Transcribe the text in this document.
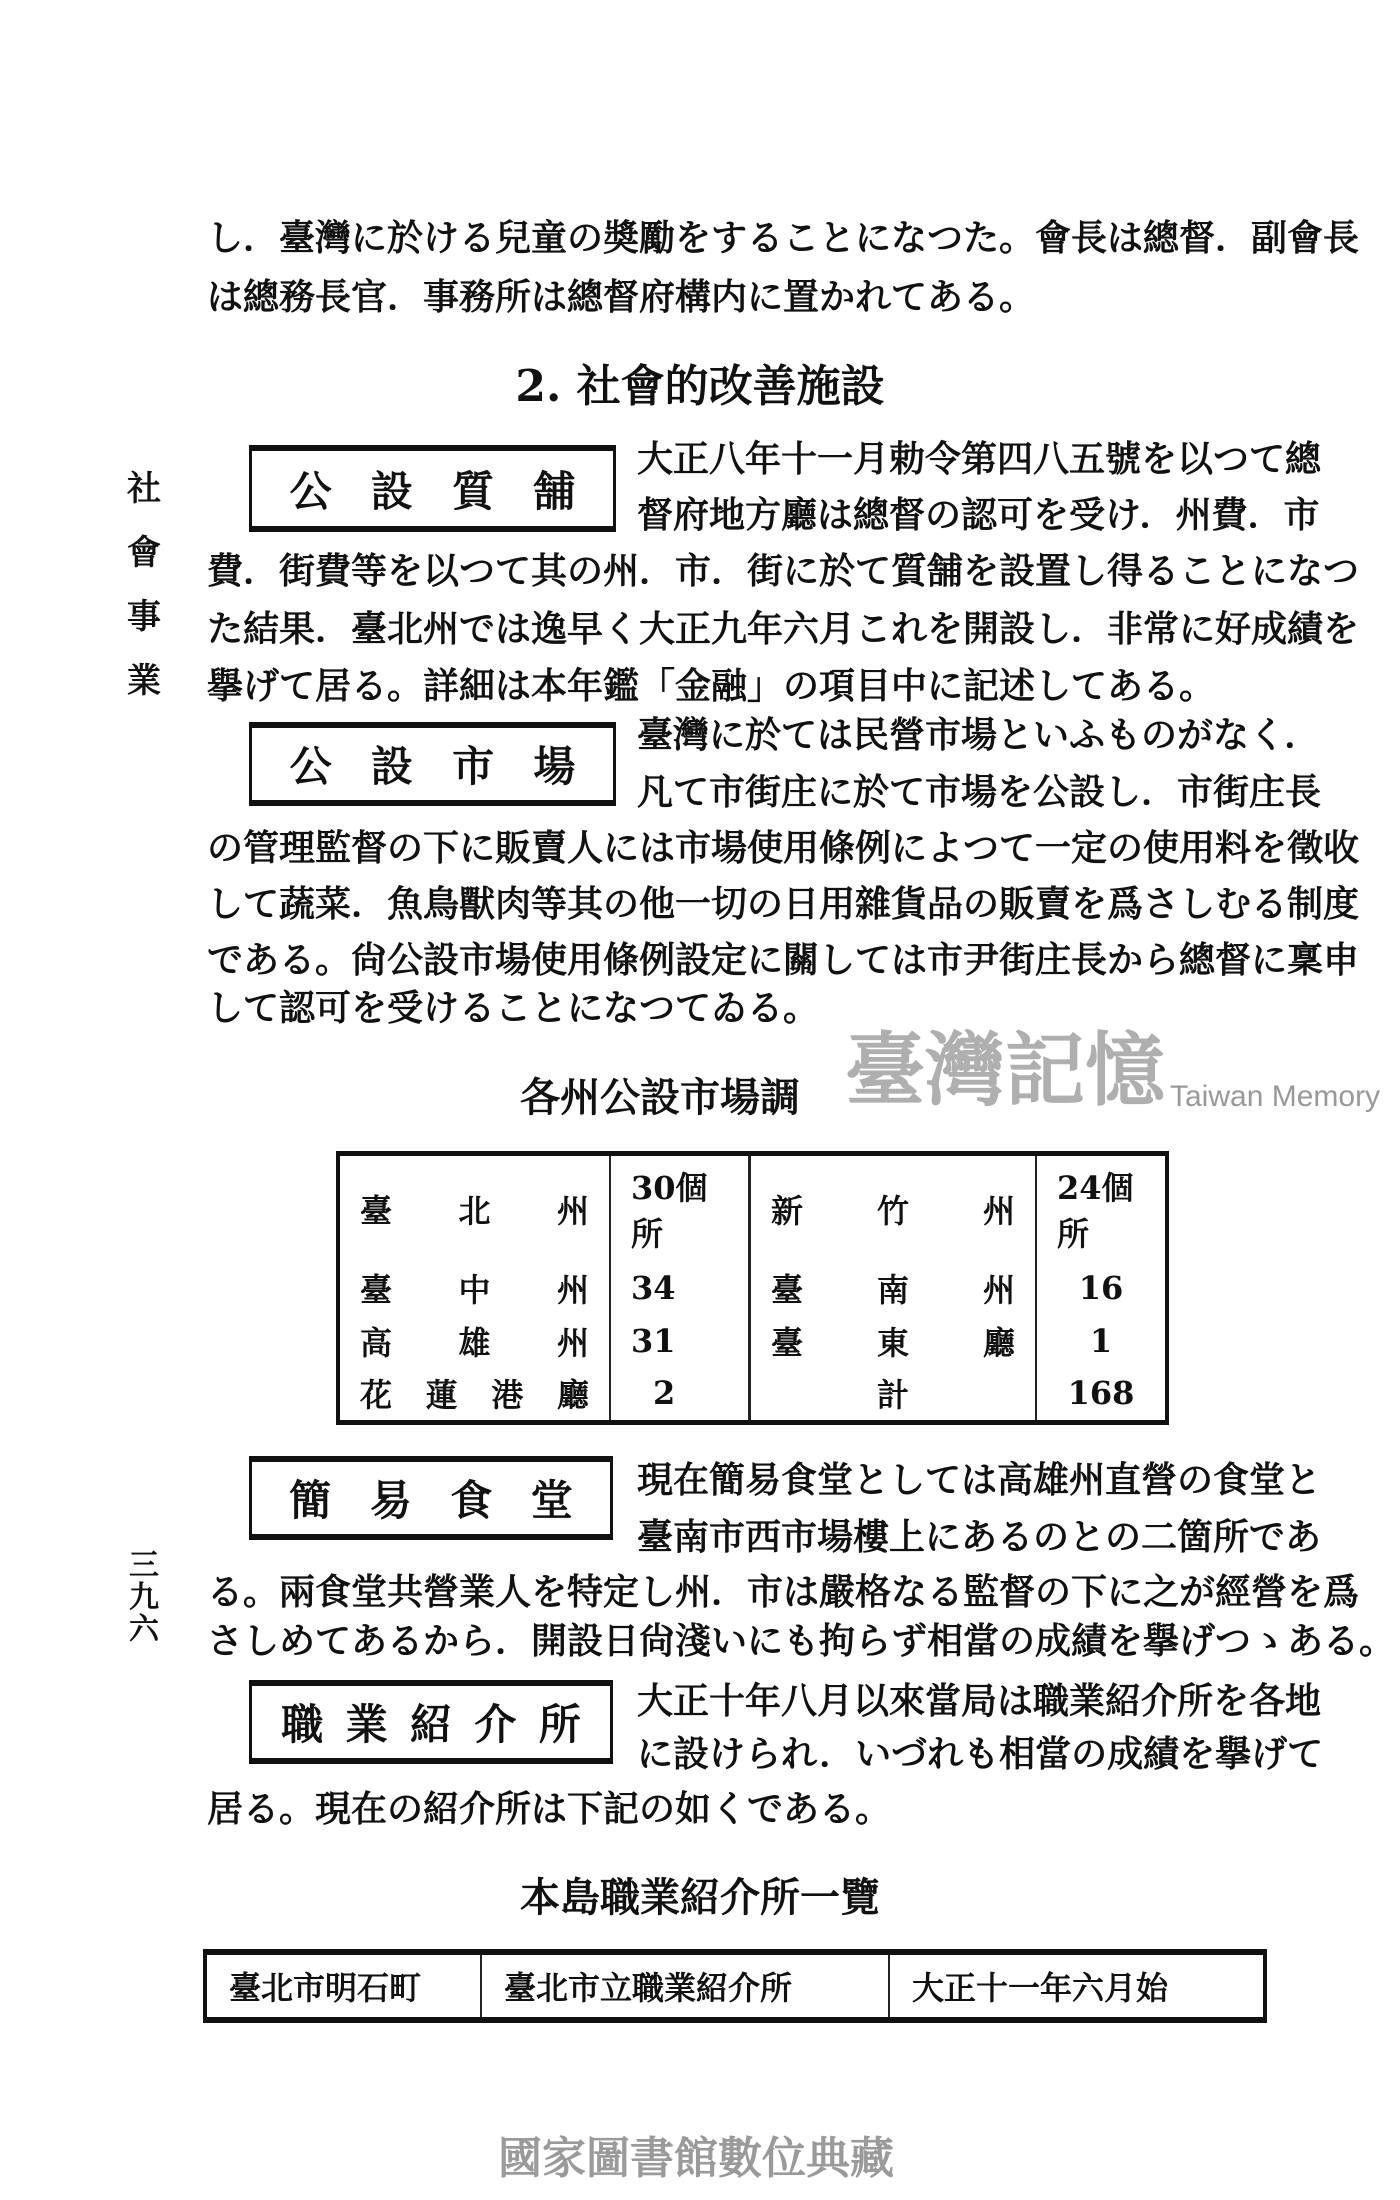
し．臺灣に於ける兒童の奬勵をすることになつた。會長は總督．副會長
は總務長官．事務所は總督府構内に置かれてある。
2. 社會的改善施設
社
會
事
業
公 設 質 舗
大正八年十一月勅令第四八五號を以つて總
督府地方廳は總督の認可を受け．州費．市
費．街費等を以つて其の州．市．街に於て質舗を設置し得ることになつ
た結果．臺北州では逸早く大正九年六月これを開設し．非常に好成績を
擧げて居る。詳細は本年鑑「金融」の項目中に記述してある。
公 設 市 場
臺灣に於ては民營市場といふものがなく．
凡て市街庄に於て市場を公設し．市街庄長
の管理監督の下に販賣人には市場使用條例によつて一定の使用料を徵收
して蔬菜．魚鳥獸肉等其の他一切の日用雜貨品の販賣を爲さしむる制度
である。尙公設市場使用條例設定に關しては市尹街庄長から總督に稟申
して認可を受けることになつてゐる。
各州公設市場調
臺北州	30個所	新竹州	24個所
臺中州	34	臺南州	16
高雄州	31	臺東廳	1
花蓮港廳	2	計	168
臺灣記憶 Taiwan Memory
簡 易 食 堂 現在簡易食堂としては高雄州直營の食堂と
臺南市西市場樓上にあるのとの二箇所であ
る。兩食堂共營業人を特定し州．市は嚴格なる監督の下に之が經營を爲
さしめてあるから．開設日尙淺いにも拘らず相當の成績を擧げつゝある。
三
九
六
職 業 紹 介 所 大正十年八月以來當局は職業紹介所を各地
に設けられ．いづれも相當の成績を擧げて
居る。現在の紹介所は下記の如くである。
本島職業紹介所一覽
臺北市明石町	臺北市立職業紹介所	大正十一年六月始
國家圖書館數位典藏
